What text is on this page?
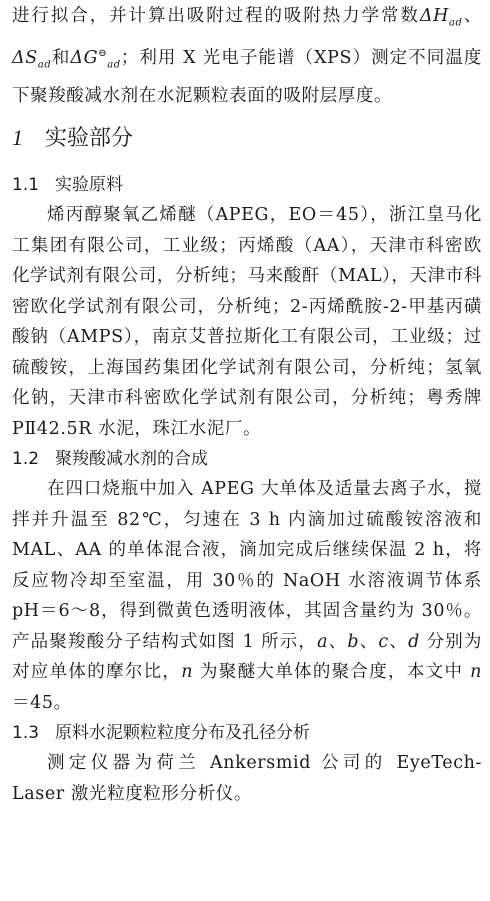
进行拟合，并计算出吸附过程的吸附热力学常数$\Delta H_{ad}$、$\Delta S_{ad}$和$\Delta G^⊖_{ad}$；利用 X 光电子能谱（XPS）测定不同温度下聚羧酸减水剂在水泥颗粒表面的吸附层厚度。

1 实验部分
1.1 实验原料

烯丙醇聚氧乙烯醚（APEG，EO＝45），浙江皇马化工集团有限公司，工业级；丙烯酸（AA），天津市科密欧化学试剂有限公司，分析纯；马来酸酐（MAL），天津市科密欧化学试剂有限公司，分析纯；2-丙烯酰胺-2-甲基丙磺酸钠（AMPS），南京艾普拉斯化工有限公司，工业级；过硫酸铵，上海国药集团化学试剂有限公司，分析纯；氢氧化钠，天津市科密欧化学试剂有限公司，分析纯；粤秀牌 PⅡ42.5R 水泥，珠江水泥厂。

1.2 聚羧酸减水剂的合成

在四口烧瓶中加入 APEG 大单体及适量去离子水，搅拌并升温至 82℃，匀速在 3 h 内滴加过硫酸铵溶液和 MAL、AA 的单体混合液，滴加完成后继续保温 2 h，将反应物冷却至室温，用 30％的 NaOH 水溶液调节体系 pH＝6～8，得到微黄色透明液体，其固含量约为 30％。产品聚羧酸分子结构式如图 1 所示，a、b、c、d 分别为对应单体的摩尔比，n 为聚醚大单体的聚合度，本文中 n＝45。

1.3 原料水泥颗粒粒度分布及孔径分析

测定仪器为荷兰 Ankersmid 公司的 EyeTech-Laser 激光粒度粒形分析仪。
